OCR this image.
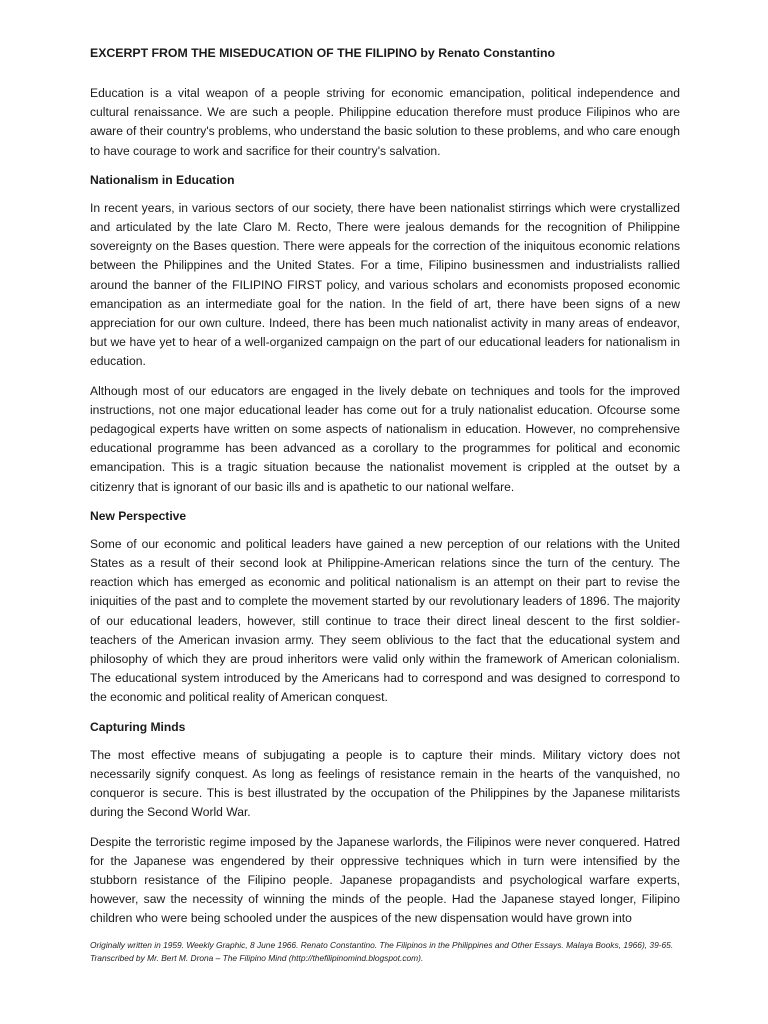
EXCERPT FROM THE MISEDUCATION OF THE FILIPINO by Renato Constantino

Education is a vital weapon of a people striving for economic emancipation, political independence and cultural renaissance. We are such a people. Philippine education therefore must produce Filipinos who are aware of their country's problems, who understand the basic solution to these problems, and who care enough to have courage to work and sacrifice for their country's salvation.

Nationalism in Education

In recent years, in various sectors of our society, there have been nationalist stirrings which were crystallized and articulated by the late Claro M. Recto, There were jealous demands for the recognition of Philippine sovereignty on the Bases question. There were appeals for the correction of the iniquitous economic relations between the Philippines and the United States. For a time, Filipino businessmen and industrialists rallied around the banner of the FILIPINO FIRST policy, and various scholars and economists proposed economic emancipation as an intermediate goal for the nation. In the field of art, there have been signs of a new appreciation for our own culture. Indeed, there has been much nationalist activity in many areas of endeavor, but we have yet to hear of a well-organized campaign on the part of our educational leaders for nationalism in education.

Although most of our educators are engaged in the lively debate on techniques and tools for the improved instructions, not one major educational leader has come out for a truly nationalist education. Ofcourse some pedagogical experts have written on some aspects of nationalism in education. However, no comprehensive educational programme has been advanced as a corollary to the programmes for political and economic emancipation. This is a tragic situation because the nationalist movement is crippled at the outset by a citizenry that is ignorant of our basic ills and is apathetic to our national welfare.

New Perspective

Some of our economic and political leaders have gained a new perception of our relations with the United States as a result of their second look at Philippine-American relations since the turn of the century. The reaction which has emerged as economic and political nationalism is an attempt on their part to revise the iniquities of the past and to complete the movement started by our revolutionary leaders of 1896. The majority of our educational leaders, however, still continue to trace their direct lineal descent to the first soldier-teachers of the American invasion army. They seem oblivious to the fact that the educational system and philosophy of which they are proud inheritors were valid only within the framework of American colonialism. The educational system introduced by the Americans had to correspond and was designed to correspond to the economic and political reality of American conquest.

Capturing Minds

The most effective means of subjugating a people is to capture their minds. Military victory does not necessarily signify conquest. As long as feelings of resistance remain in the hearts of the vanquished, no conqueror is secure. This is best illustrated by the occupation of the Philippines by the Japanese militarists during the Second World War.

Despite the terroristic regime imposed by the Japanese warlords, the Filipinos were never conquered. Hatred for the Japanese was engendered by their oppressive techniques which in turn were intensified by the stubborn resistance of the Filipino people. Japanese propagandists and psychological warfare experts, however, saw the necessity of winning the minds of the people. Had the Japanese stayed longer, Filipino children who were being schooled under the auspices of the new dispensation would have grown into

Originally written in 1959. Weekly Graphic, 8 June 1966. Renato Constantino. The Filipinos in the Philippines and Other Essays. Malaya Books, 1966), 39-65. Transcribed by Mr. Bert M. Drona – The Filipino Mind (http://thefilipinomind.blogspot.com).
